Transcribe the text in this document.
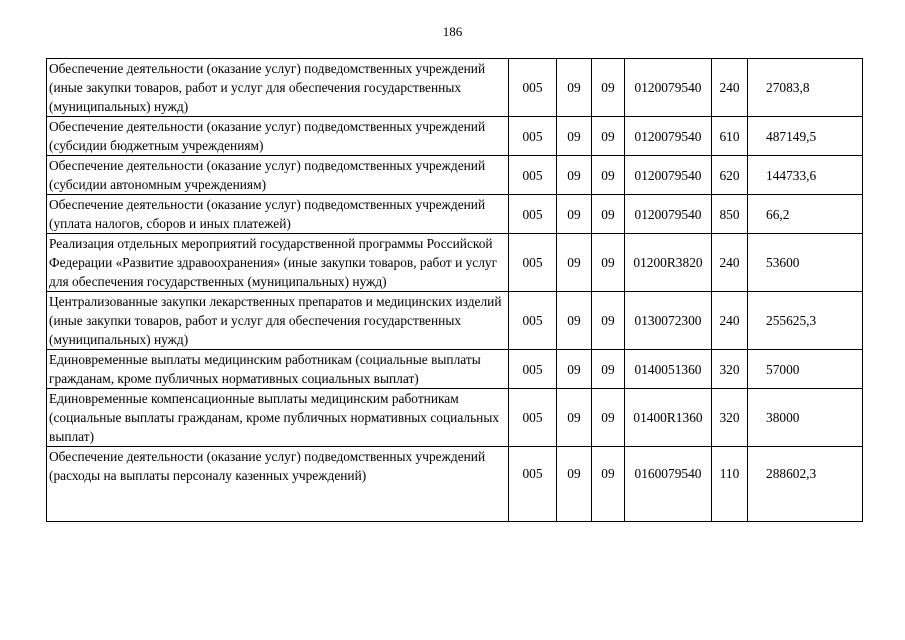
186
Обеспечение деятельности (оказание услуг) подведомственных учреждений (иные закупки товаров, работ и услуг для обеспечения государственных (муниципальных) нужд)	005	09	09	0120079540	240	27083,8
Обеспечение деятельности (оказание услуг) подведомственных учреждений (субсидии бюджетным учреждениям)	005	09	09	0120079540	610	487149,5
Обеспечение деятельности (оказание услуг) подведомственных учреждений (субсидии автономным учреждениям)	005	09	09	0120079540	620	144733,6
Обеспечение деятельности (оказание услуг) подведомственных учреждений (уплата налогов, сборов и иных платежей)	005	09	09	0120079540	850	66,2
Реализация отдельных мероприятий государственной программы Российской Федерации «Развитие здравоохранения» (иные закупки товаров, работ и услуг для обеспечения государственных (муниципальных) нужд)	005	09	09	01200R3820	240	53600
Централизованные закупки лекарственных препаратов и медицинских изделий (иные закупки товаров, работ и услуг для обеспечения государственных (муниципальных) нужд)	005	09	09	0130072300	240	255625,3
Единовременные выплаты медицинским работникам (социальные выплаты гражданам, кроме публичных нормативных социальных выплат)	005	09	09	0140051360	320	57000
Единовременные компенсационные выплаты медицинским работникам (социальные выплаты гражданам, кроме публичных нормативных социальных выплат)	005	09	09	01400R1360	320	38000
Обеспечение деятельности (оказание услуг) подведомственных учреждений (расходы на выплаты персоналу казенных учреждений)	005	09	09	0160079540	110	288602,3
